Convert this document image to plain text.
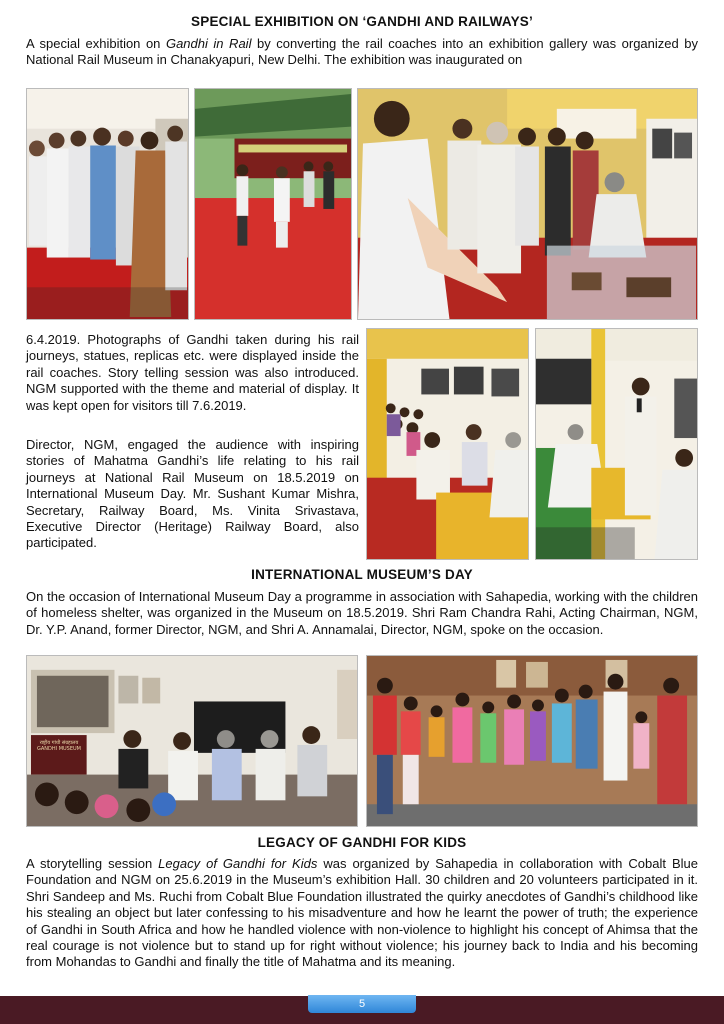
SPECIAL EXHIBITION ON ‘GANDHI AND RAILWAYS’
A special exhibition on Gandhi in Rail by converting the rail coaches into an exhibition gallery was organized by National Rail Museum in Chanakyapuri, New Delhi. The exhibition was inaugurated on
6.4.2019. Photographs of Gandhi taken during his rail journeys, statues, replicas etc. were displayed inside the rail coaches. Story telling session was also introduced. NGM supported with the theme and material of display. It was kept open for visitors till 7.6.2019.
Director, NGM, engaged the audience with inspiring stories of Mahatma Gandhi’s life relating to his rail journeys at National Rail Museum on 18.5.2019 on International Museum Day. Mr. Sushant Kumar Mishra, Secretary, Railway Board, Ms. Vinita Srivastava, Executive Director (Heritage) Railway Board, also participated.
INTERNATIONAL MUSEUM’S DAY
On the occasion of International Museum Day a programme in association with Sahapedia, working with the children of homeless shelter, was organized in the Museum on 18.5.2019. Shri Ram Chandra Rahi, Acting Chairman, NGM, Dr. Y.P. Anand, former Director, NGM, and Shri A. Annamalai, Director, NGM, spoke on the occasion.
राष्ट्रीय गांधी संग्रहालय GANDHI MUSEUM
LEGACY OF GANDHI FOR KIDS
A storytelling session Legacy of Gandhi for Kids was organized by Sahapedia in collaboration with Cobalt Blue Foundation and NGM on 25.6.2019 in the Museum’s exhibition Hall. 30 children and 20 volunteers participated in it. Shri Sandeep and Ms. Ruchi from Cobalt Blue Foundation illustrated the quirky anecdotes of Gandhi’s childhood like his stealing an object but later confessing to his misadventure and how he learnt the power of truth; the experience of Gandhi in South Africa and how he handled violence with non-violence to highlight his concept of Ahimsa that the real courage is not violence but to stand up for right without violence; his journey back to India and his becoming from Mohandas to Gandhi and finally the title of Mahatma and its meaning.
5
